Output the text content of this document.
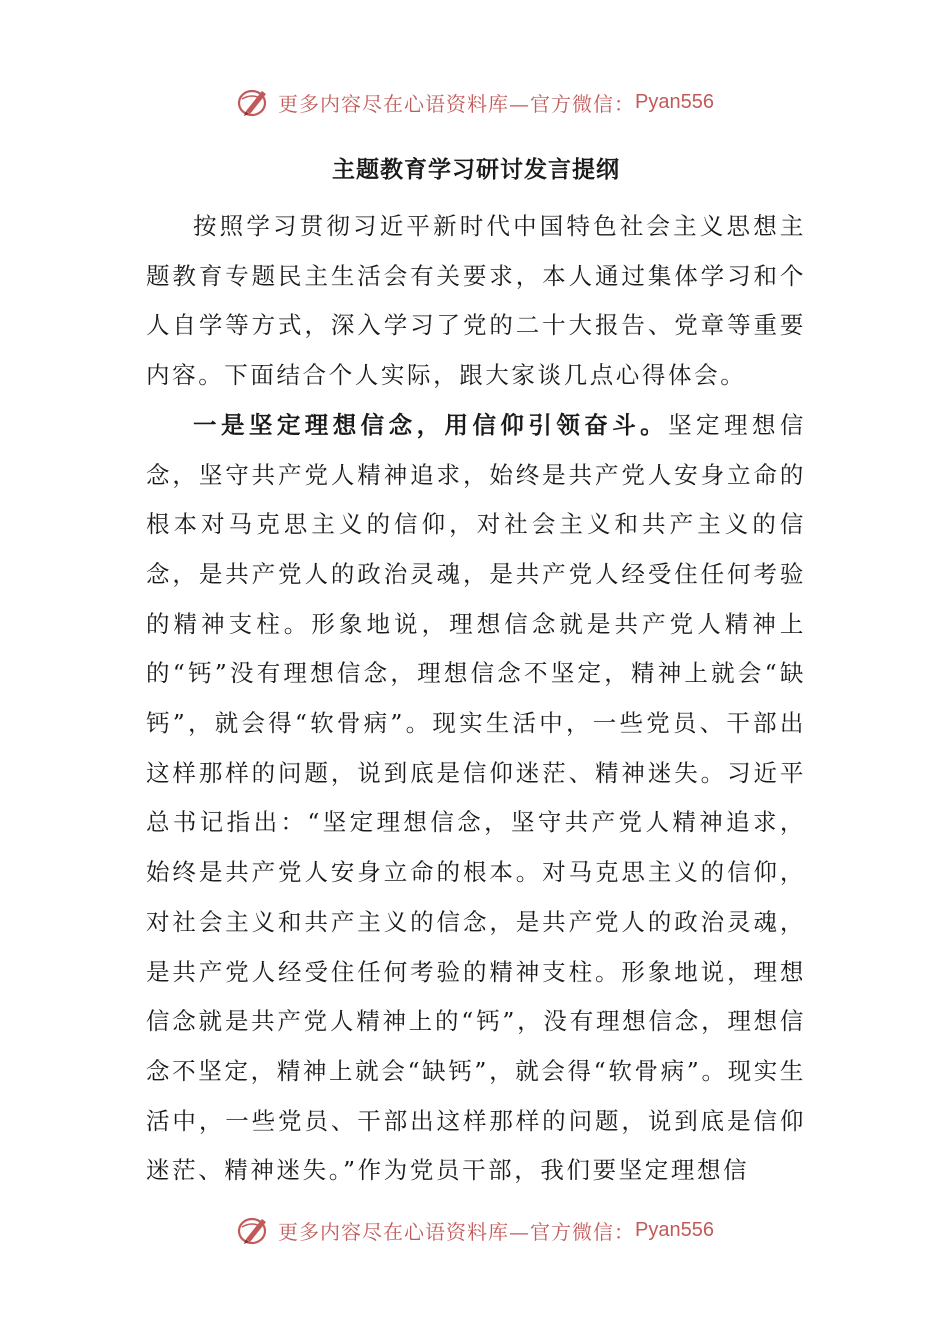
更多内容尽在心语资料库—官方微信： Pyan556
主题教育学习研讨发言提纲

按照学习贯彻习近平新时代中国特色社会主义思想主题教育专题民主生活会有关要求，本人通过集体学习和个人自学等方式，深入学习了党的二十大报告、党章等重要内容。下面结合个人实际，跟大家谈几点心得体会。

一是坚定理想信念，用信仰引领奋斗。坚定理想信念，坚守共产党人精神追求，始终是共产党人安身立命的根本对马克思主义的信仰，对社会主义和共产主义的信念，是共产党人的政治灵魂，是共产党人经受住任何考验的精神支柱。形象地说，理想信念就是共产党人精神上的“钙”没有理想信念，理想信念不坚定，精神上就会“缺钙”，就会得“软骨病”。现实生活中，一些党员、干部出这样那样的问题，说到底是信仰迷茫、精神迷失。习近平总书记指出：“坚定理想信念，坚守共产党人精神追求，始终是共产党人安身立命的根本。对马克思主义的信仰，对社会主义和共产主义的信念，是共产党人的政治灵魂，是共产党人经受住任何考验的精神支柱。形象地说，理想信念就是共产党人精神上的“钙”，没有理想信念，理想信念不坚定，精神上就会“缺钙”，就会得“软骨病”。现实生活中，一些党员、干部出这样那样的问题，说到底是信仰迷茫、精神迷失。”作为党员干部，我们要坚定理想信

更多内容尽在心语资料库—官方微信： Pyan556
